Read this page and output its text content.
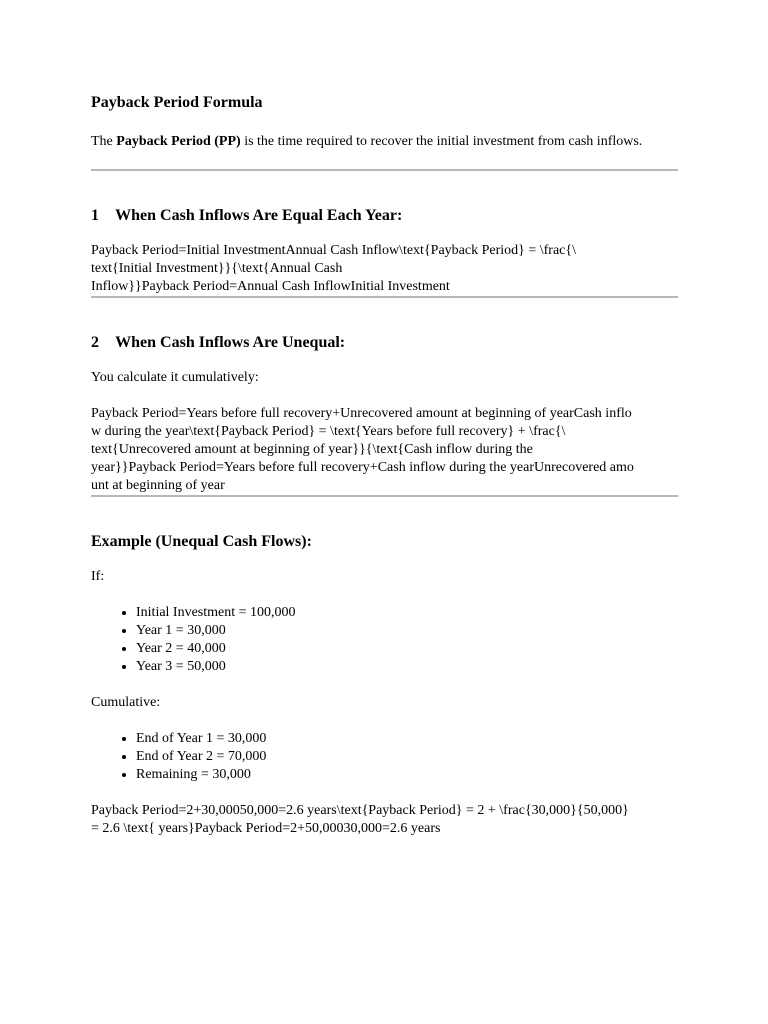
Payback Period Formula

The Payback Period (PP) is the time required to recover the initial investment from cash inflows.

1⃣ When Cash Inflows Are Equal Each Year:

Payback Period=Initial InvestmentAnnual Cash Inflow\text{Payback Period} = \frac{\

text{Initial Investment}}{\text{Annual Cash

Inflow}}Payback Period=Annual Cash InflowInitial Investment

2⃣ When Cash Inflows Are Unequal:

You calculate it cumulatively:

Payback Period=Years before full recovery+Unrecovered amount at beginning of yearCash inflo

w during the year\text{Payback Period} = \text{Years before full recovery} + \frac{\

text{Unrecovered amount at beginning of year}}{\text{Cash inflow during the

year}}Payback Period=Years before full recovery+Cash inflow during the yearUnrecovered amo

unt at beginning of year

Example (Unequal Cash Flows):

If:

• Initial Investment = 100,000
• Year 1 = 30,000
• Year 2 = 40,000
• Year 3 = 50,000

Cumulative:

• End of Year 1 = 30,000
• End of Year 2 = 70,000
• Remaining = 30,000

Payback Period=2+30,00050,000=2.6 years\text{Payback Period} = 2 + \frac{30,000}{50,000}

= 2.6 \text{ years}Payback Period=2+50,00030,000=2.6 years
